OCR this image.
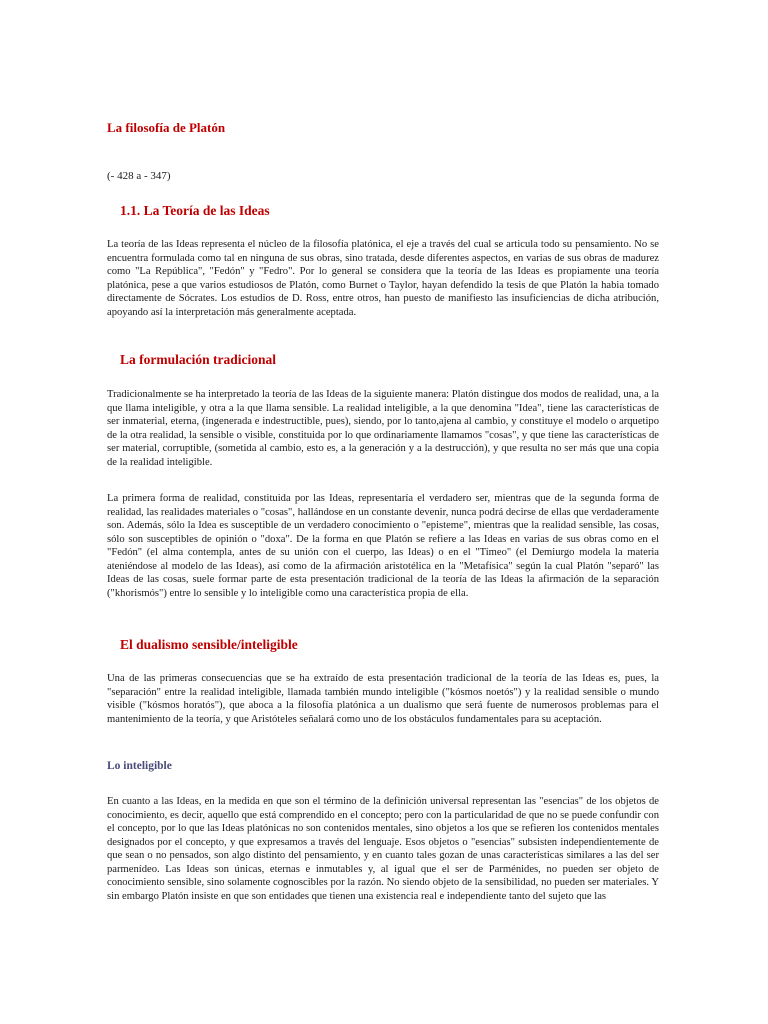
La filosofía de Platón

(- 428 a - 347)

1.1. La Teoría de las Ideas

La teoría de las Ideas representa el núcleo de la filosofía platónica, el eje a través del cual se articula todo su pensamiento. No se encuentra formulada como tal en ninguna de sus obras, sino tratada, desde diferentes aspectos, en varias de sus obras de madurez como "La República", "Fedón" y "Fedro". Por lo general se considera que la teoría de las Ideas es propiamente una teoría platónica, pese a que varios estudiosos de Platón, como Burnet o Taylor, hayan defendido la tesis de que Platón la habia tomado directamente de Sócrates. Los estudios de D. Ross, entre otros, han puesto de manifiesto las insuficiencias de dicha atribución, apoyando así la interpretación más generalmente aceptada.

La formulación tradicional

Tradicionalmente se ha interpretado la teoría de las Ideas de la siguiente manera: Platón distingue dos modos de realidad, una, a la que llama inteligible, y otra a la que llama sensible. La realidad inteligible, a la que denomina "Idea", tiene las características de ser inmaterial, eterna, (ingenerada e indestructible, pues), siendo, por lo tanto,ajena al cambio, y constituye el modelo o arquetipo de la otra realidad, la sensible o visible, constituida por lo que ordinariamente llamamos "cosas", y que tiene las características de ser material, corruptible, (sometida al cambio, esto es, a la generación y a la destrucción), y que resulta no ser más que una copia de la realidad inteligible.

La primera forma de realidad, constituida por las Ideas, representaría el verdadero ser, mientras que de la segunda forma de realidad, las realidades materiales o "cosas", hallándose en un constante devenir, nunca podrá decirse de ellas que verdaderamente son. Además, sólo la Idea es susceptible de un verdadero conocimiento o "episteme", mientras que la realidad sensible, las cosas, sólo son susceptibles de opinión o "doxa". De la forma en que Platón se refiere a las Ideas en varias de sus obras como en el "Fedón" (el alma contempla, antes de su unión con el cuerpo, las Ideas) o en el "Timeo" (el Demiurgo modela la materia ateniéndose al modelo de las Ideas), así como de la afirmación aristotélica en la "Metafísica" según la cual Platón "separó" las Ideas de las cosas, suele formar parte de esta presentación tradicional de la teoría de las Ideas la afirmación de la separación ("khorismós") entre lo sensible y lo inteligible como una característica propia de ella.

El dualismo sensible/inteligible

Una de las primeras consecuencias que se ha extraído de esta presentación tradicional de la teoría de las Ideas es, pues, la "separación" entre la realidad inteligible, llamada también mundo inteligible ("kósmos noetós") y la realidad sensible o mundo visible ("kósmos horatós"), que aboca a la filosofía platónica a un dualismo que será fuente de numerosos problemas para el mantenimiento de la teoría, y que Aristóteles señalará como uno de los obstáculos fundamentales para su aceptación.

Lo inteligible

En cuanto a las Ideas, en la medida en que son el término de la definición universal representan las "esencias" de los objetos de conocimiento, es decir, aquello que está comprendido en el concepto; pero con la particularidad de que no se puede confundir con el concepto, por lo que las Ideas platónicas no son contenidos mentales, sino objetos a los que se refieren los contenidos mentales designados por el concepto, y que expresamos a través del lenguaje. Esos objetos o "esencias" subsisten independientemente de que sean o no pensados, son algo distinto del pensamiento, y en cuanto tales gozan de unas características similares a las del ser parmenídeo. Las Ideas son únicas, eternas e inmutables y, al igual que el ser de Parménides, no pueden ser objeto de conocimiento sensible, sino solamente cognoscibles por la razón. No siendo objeto de la sensibilidad, no pueden ser materiales. Y sin embargo Platón insiste en que son entidades que tienen una existencia real e independiente tanto del sujeto que las
